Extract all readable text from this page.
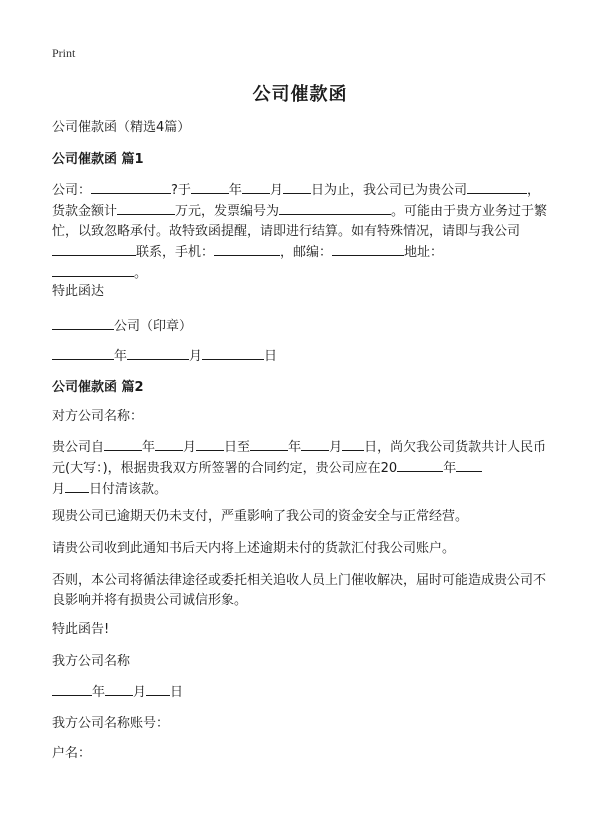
Print
公司催款函
公司催款函（精选4篇）
公司催款函 篇1
公司：	?于	年 月 日为止，我公司已为贵公司	，
货款金额计	万元，发票编号为	。可能由于贵方业务过于繁忙，以致忽略承付。故特致函提醒，请即进行结算。如有特殊情况，请即与我公司联系，手机：	，邮编：	地址：
。
特此函达
公司（印章）
年	月	日
公司催款函 篇2
对方公司名称：
贵公司自	年 月 日至	年 月 日，尚欠我公司货款共计人民币元(大写：)，根据贵我双方所签署的合同约定，贵公司应在20	年
月 日付清该款。
现贵公司已逾期天仍未支付，严重影响了我公司的资金安全与正常经营。
请贵公司收到此通知书后天内将上述逾期未付的货款汇付我公司账户。
否则，本公司将循法律途径或委托相关追收人员上门催收解决，届时可能造成贵公司不良影响并将有损贵公司诚信形象。
特此函告!
我方公司名称
年 月 日
我方公司名称账号：
户名：
